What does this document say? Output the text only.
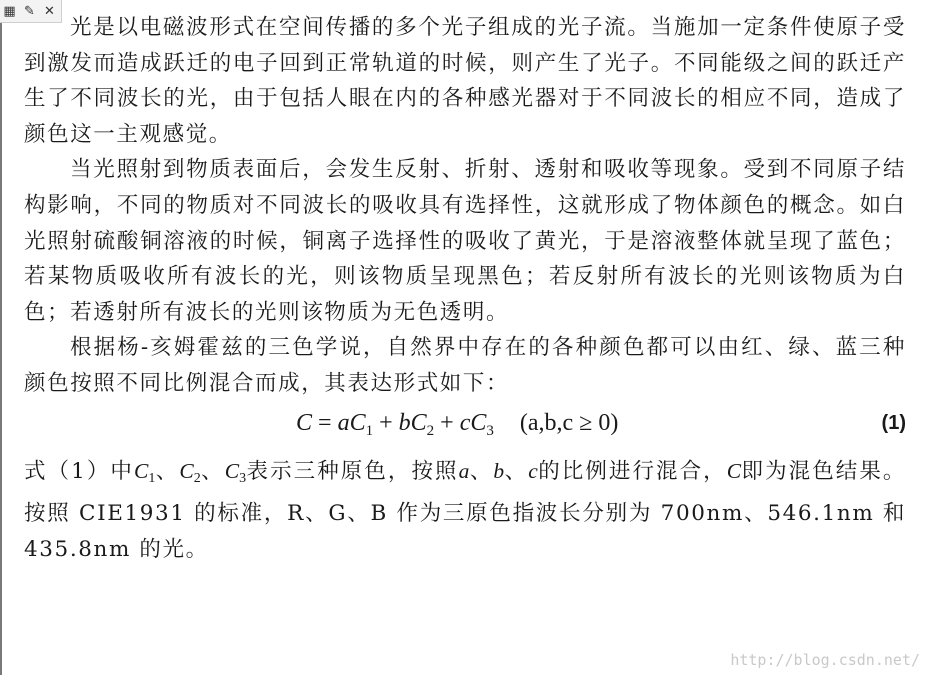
▦ ✎ ✕

光是以电磁波形式在空间传播的多个光子组成的光子流。当施加一定条件使原子受到激发而造成跃迁的电子回到正常轨道的时候，则产生了光子。不同能级之间的跃迁产生了不同波长的光，由于包括人眼在内的各种感光器对于不同波长的相应不同，造成了颜色这一主观感觉。

当光照射到物质表面后，会发生反射、折射、透射和吸收等现象。受到不同原子结构影响，不同的物质对不同波长的吸收具有选择性，这就形成了物体颜色的概念。如白光照射硫酸铜溶液的时候，铜离子选择性的吸收了黄光，于是溶液整体就呈现了蓝色；若某物质吸收所有波长的光，则该物质呈现黑色；若反射所有波长的光则该物质为白色；若透射所有波长的光则该物质为无色透明。

根据杨-亥姆霍兹的三色学说，自然界中存在的各种颜色都可以由红、绿、蓝三种颜色按照不同比例混合而成，其表达形式如下：

$C = aC_1 + bC_2 + cC_3$ (a,b,c ≥ 0)	(1)

式（1）中$C_1$、$C_2$、$C_3$表示三种原色，按照a、b、c的比例进行混合，C即为混色结果。按照 CIE1931 的标准，R、G、B 作为三原色指波长分别为 700nm、546.1nm 和 435.8nm 的光。

http://blog.csdn.net/
